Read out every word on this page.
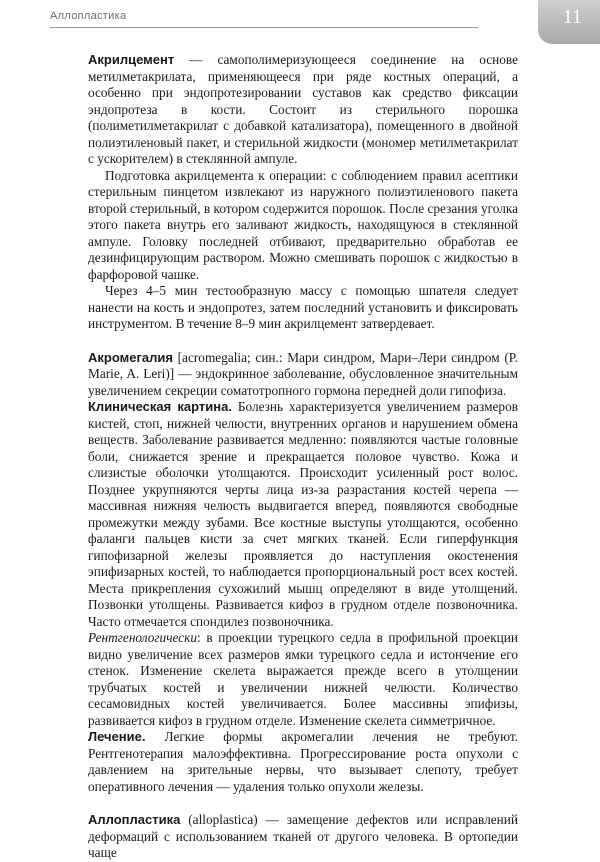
Аллопластика	11

Акрилцемент — самополимеризующееся соединение на основе метилметакрилата, применяющееся при ряде костных операций, а особенно при эндопротезировании суставов как средство фиксации эндопротеза в кости. Состоит из стерильного порошка (полиметилметакрилат с добавкой катализатора), помещенного в двойной полиэтиленовый пакет, и стерильной жидкости (мономер метилметакрилат с ускорителем) в стеклянной ампуле.

Подготовка акрилцемента к операции: с соблюдением правил асептики стерильным пинцетом извлекают из наружного полиэтиленового пакета второй стерильный, в котором содержится порошок. После срезания уголка этого пакета внутрь его заливают жидкость, находящуюся в стеклянной ампуле. Головку последней отбивают, предварительно обработав ее дезинфицирующим раствором. Можно смешивать порошок с жидкостью в фарфоровой чашке.

Через 4–5 мин тестообразную массу с помощью шпателя следует нанести на кость и эндопротез, затем последний установить и фиксировать инструментом. В течение 8–9 мин акрилцемент затвердевает.

Акромегалия [acromegalia; син.: Мари синдром, Мари–Лери синдром (P. Marie, A. Leri)] — эндокринное заболевание, обусловленное значительным увеличением секреции соматотропного гормона передней доли гипофиза.

Клиническая картина. Болезнь характеризуется увеличением размеров кистей, стоп, нижней челюсти, внутренних органов и нарушением обмена веществ. Заболевание развивается медленно: появляются частые головные боли, снижается зрение и прекращается половое чувство. Кожа и слизистые оболочки утолщаются. Происходит усиленный рост волос. Позднее укрупняются черты лица из-за разрастания костей черепа — массивная нижняя челюсть выдвигается вперед, появляются свободные промежутки между зубами. Все костные выступы утолщаются, особенно фаланги пальцев кисти за счет мягких тканей. Если гиперфункция гипофизарной железы проявляется до наступления окостенения эпифизарных костей, то наблюдается пропорциональный рост всех костей. Места прикрепления сухожилий мышц определяют в виде утолщений. Позвонки утолщены. Развивается кифоз в грудном отделе позвоночника. Часто отмечается спондилез позвоночника.

Рентгенологически: в проекции турецкого седла в профильной проекции видно увеличение всех размеров ямки турецкого седла и истончение его стенок. Изменение скелета выражается прежде всего в утолщении трубчатых костей и увеличении нижней челюсти. Количество сесамовидных костей увеличивается. Более массивны эпифизы, развивается кифоз в грудном отделе. Изменение скелета симметричное.

Лечение. Легкие формы акромегалии лечения не требуют. Рентгенотерапия малоэффективна. Прогрессирование роста опухоли с давлением на зрительные нервы, что вызывает слепоту, требует оперативного лечения — удаления только опухоли железы.

Аллопластика (alloplastica) — замещение дефектов или исправлений деформаций с использованием тканей от другого человека. В ортопедии чаще
